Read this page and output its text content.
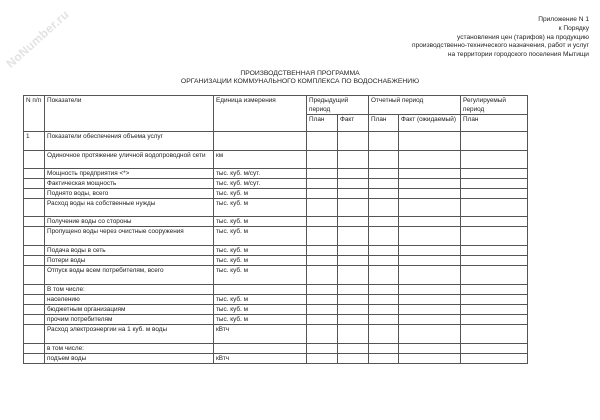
NoNumber.ru	Приложение N 1
к Порядку
установления цен (тарифов) на продукцию
производственно-технического назначения, работ и услуг
на территории городского поселения Мытищи
ПРОИЗВОДСТВЕННАЯ ПРОГРАММА
ОРГАНИЗАЦИИ КОММУНАЛЬНОГО КОМПЛЕКСА ПО ВОДОСНАБЖЕНИЮ
N п/п	Показатели	Единица измерения	Предыдущий период		Отчетный период		Регулируемый период
			План	Факт	План	Факт (ожидаемый)	План
1	Показатели обеспечения объема услуг						
	Одиночное протяжение уличной водопроводной сети	км					
	Мощность предприятия <*>	тыс. куб. м/сут.					
	Фактическая мощность	тыс. куб. м/сут.					
	Поднято воды, всего	тыс. куб. м					
	Расход воды на собственные нужды	тыс. куб. м					
	Получение воды со стороны	тыс. куб. м					
	Пропущено воды через очистные сооружения	тыс. куб. м					
	Подача воды в сеть	тыс. куб. м					
	Потери воды	тыс. куб. м					
	Отпуск воды всем потребителям, всего	тыс. куб. м					
	В том числе:						
	населению	тыс. куб. м					
	бюджетным организациям	тыс. куб. м					
	прочим потребителям	тыс. куб. м					
	Расход электроэнергии на 1 куб. м воды	кВтч					
	в том числе:						
	подъем воды	кВтч					
